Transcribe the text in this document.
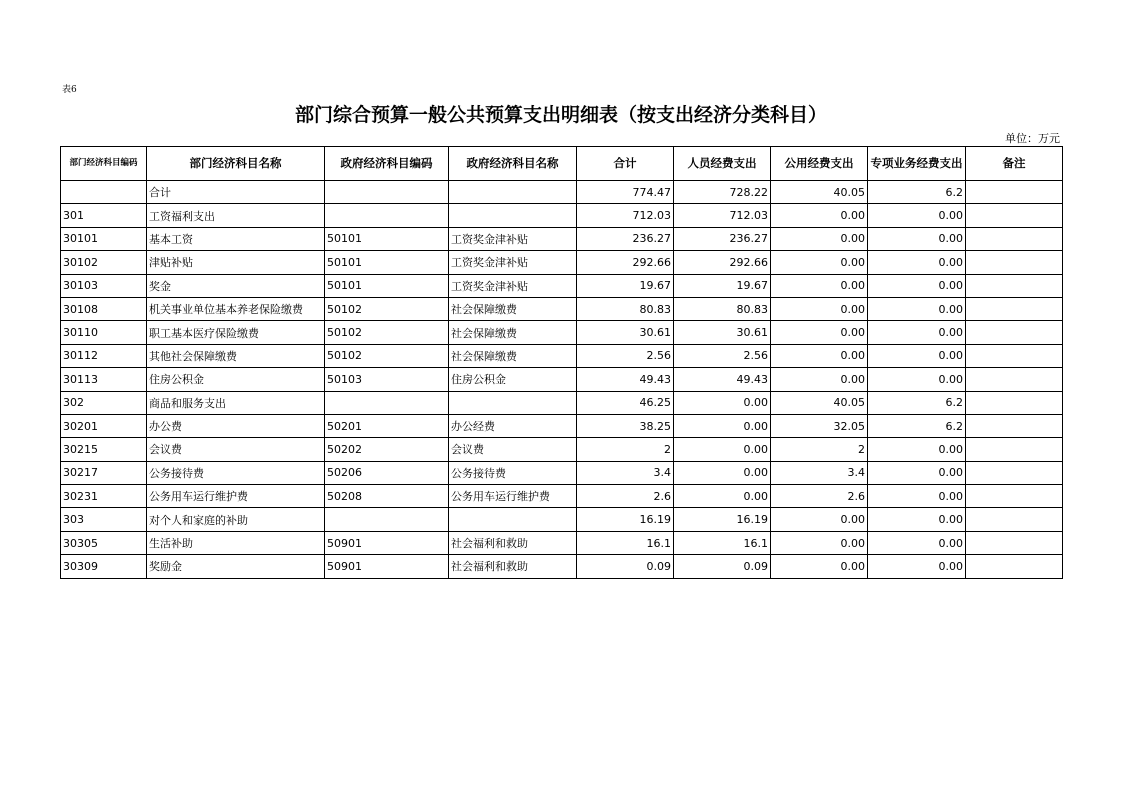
表6
部门综合预算一般公共预算支出明细表（按支出经济分类科目）
单位：万元
部门经济科目编码	部门经济科目名称	政府经济科目编码	政府经济科目名称	合计	人员经费支出	公用经费支出	专项业务经费支出	备注
	合计			774.47	728.22	40.05	6.2	
301	工资福利支出			712.03	712.03	0.00	0.00	
30101	基本工资	50101	工资奖金津补贴	236.27	236.27	0.00	0.00	
30102	津贴补贴	50101	工资奖金津补贴	292.66	292.66	0.00	0.00	
30103	奖金	50101	工资奖金津补贴	19.67	19.67	0.00	0.00	
30108	机关事业单位基本养老保险缴费	50102	社会保障缴费	80.83	80.83	0.00	0.00	
30110	职工基本医疗保险缴费	50102	社会保障缴费	30.61	30.61	0.00	0.00	
30112	其他社会保障缴费	50102	社会保障缴费	2.56	2.56	0.00	0.00	
30113	住房公积金	50103	住房公积金	49.43	49.43	0.00	0.00	
302	商品和服务支出			46.25	0.00	40.05	6.2	
30201	办公费	50201	办公经费	38.25	0.00	32.05	6.2	
30215	会议费	50202	会议费	2	0.00	2	0.00	
30217	公务接待费	50206	公务接待费	3.4	0.00	3.4	0.00	
30231	公务用车运行维护费	50208	公务用车运行维护费	2.6	0.00	2.6	0.00	
303	对个人和家庭的补助			16.19	16.19	0.00	0.00	
30305	生活补助	50901	社会福利和救助	16.1	16.1	0.00	0.00	
30309	奖励金	50901	社会福利和救助	0.09	0.09	0.00	0.00	
